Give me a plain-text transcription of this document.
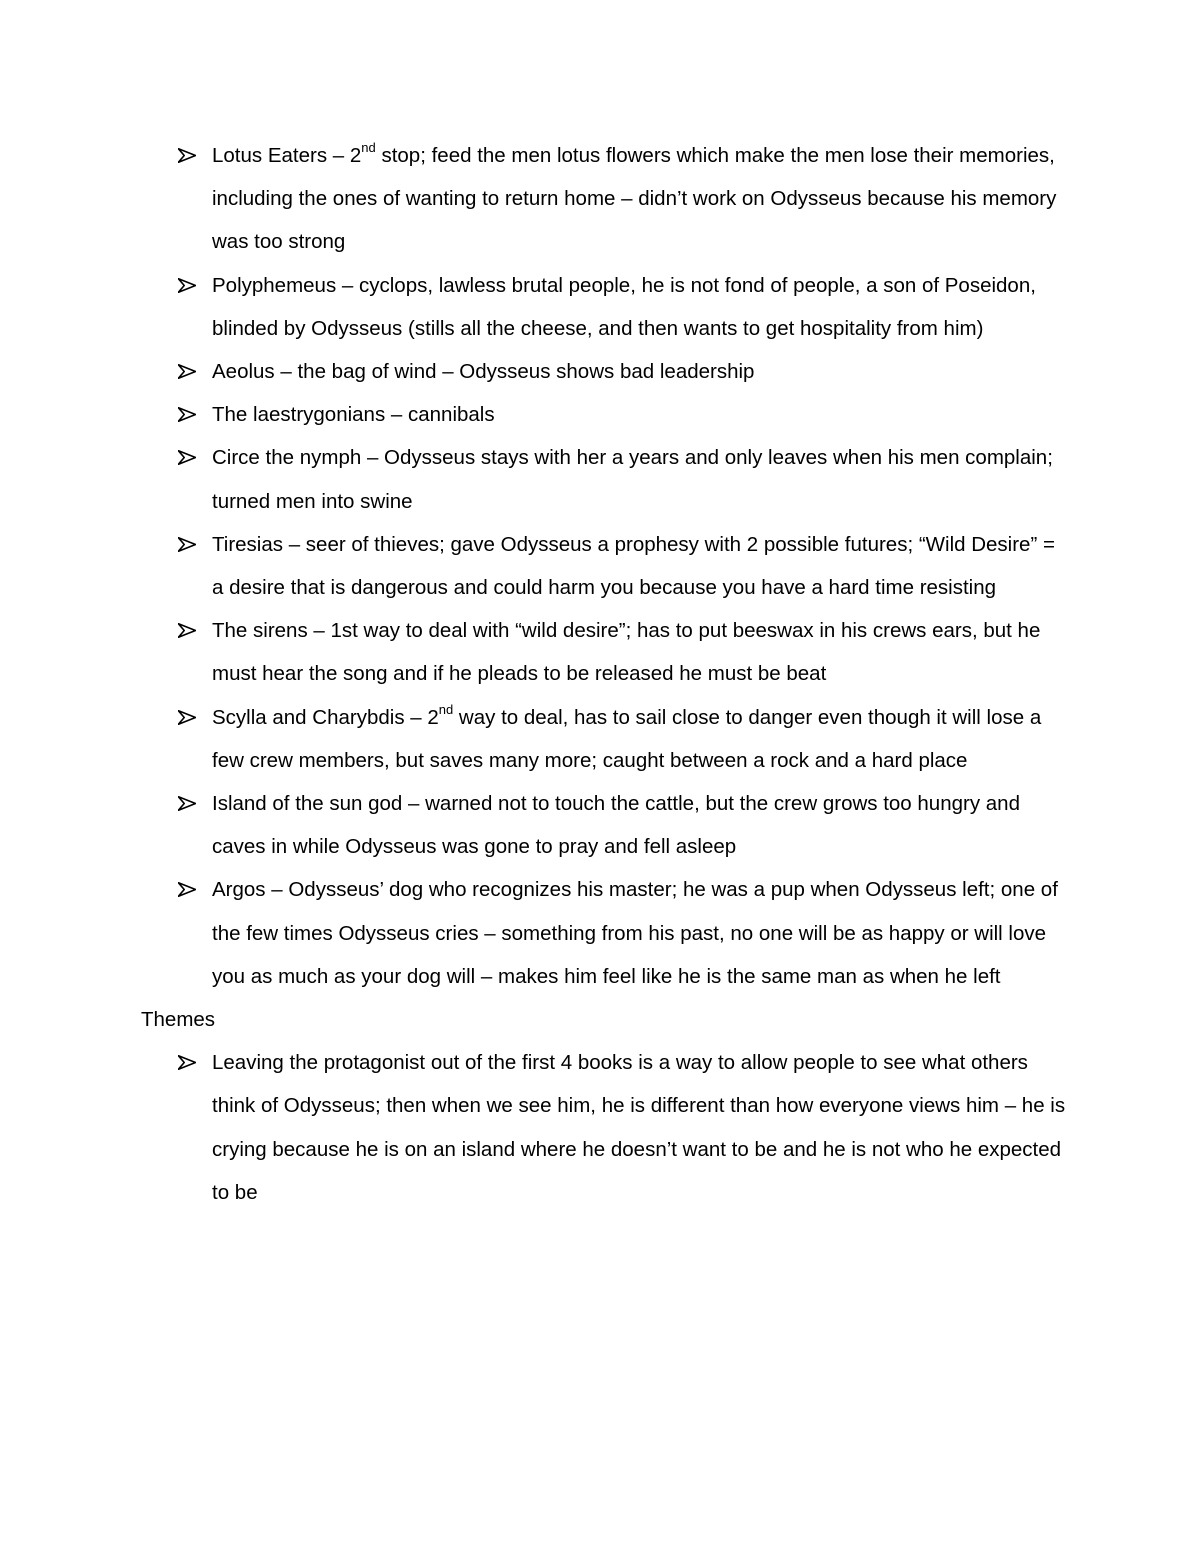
Lotus Eaters – 2nd stop; feed the men lotus flowers which make the men lose their memories, including the ones of wanting to return home – didn’t work on Odysseus because his memory was too strong
Polyphemeus – cyclops, lawless brutal people, he is not fond of people, a son of Poseidon, blinded by Odysseus (stills all the cheese, and then wants to get hospitality from him)
Aeolus – the bag of wind – Odysseus shows bad leadership
The laestrygonians – cannibals
Circe the nymph – Odysseus stays with her a years and only leaves when his men complain; turned men into swine
Tiresias – seer of thieves; gave Odysseus a prophesy with 2 possible futures; “Wild Desire” = a desire that is dangerous and could harm you because you have a hard time resisting
The sirens – 1st way to deal with “wild desire”; has to put beeswax in his crews ears, but he must hear the song and if he pleads to be released he must be beat
Scylla and Charybdis – 2nd way to deal, has to sail close to danger even though it will lose a few crew members, but saves many more; caught between a rock and a hard place
Island of the sun god – warned not to touch the cattle, but the crew grows too hungry and caves in while Odysseus was gone to pray and fell asleep
Argos – Odysseus’ dog who recognizes his master; he was a pup when Odysseus left; one of the few times Odysseus cries – something from his past, no one will be as happy or will love you as much as your dog will – makes him feel like he is the same man as when he left

Themes

Leaving the protagonist out of the first 4 books is a way to allow people to see what others think of Odysseus; then when we see him, he is different than how everyone views him – he is crying because he is on an island where he doesn’t want to be and he is not who he expected to be
